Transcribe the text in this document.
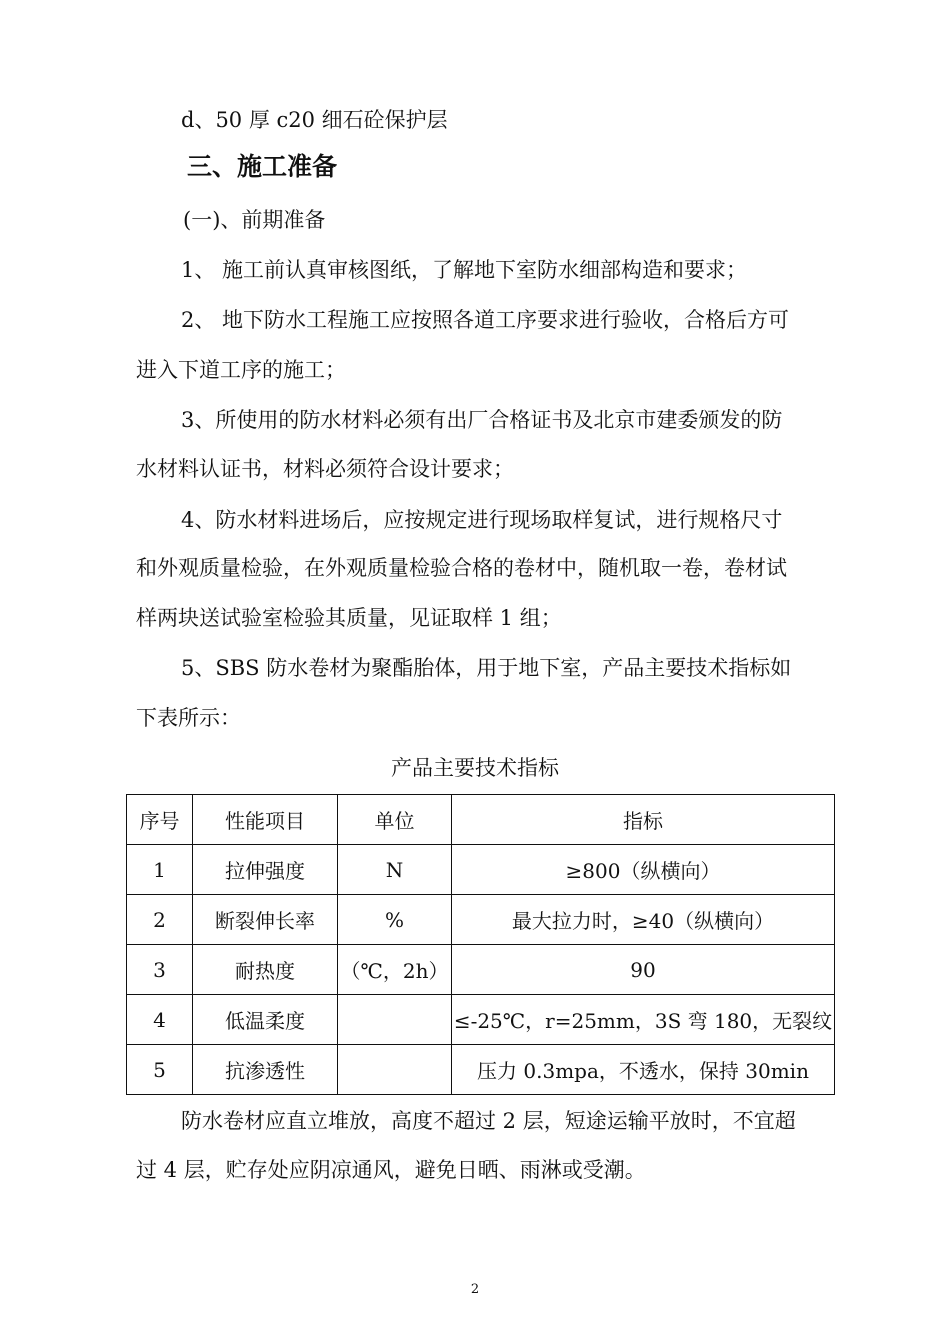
d、50 厚 c20 细石砼保护层
三、施工准备
(一)、前期准备
1、 施工前认真审核图纸，了解地下室防水细部构造和要求；
2、 地下防水工程施工应按照各道工序要求进行验收，合格后方可
进入下道工序的施工；
3、所使用的防水材料必须有出厂合格证书及北京市建委颁发的防
水材料认证书，材料必须符合设计要求；
4、防水材料进场后，应按规定进行现场取样复试，进行规格尺寸
和外观质量检验，在外观质量检验合格的卷材中，随机取一卷，卷材试
样两块送试验室检验其质量，见证取样 1 组；
5、SBS 防水卷材为聚酯胎体，用于地下室，产品主要技术指标如
下表所示：
产品主要技术指标
序号	性能项目	单位	指标
1	拉伸强度	N	≥800（纵横向）
2	断裂伸长率	%	最大拉力时，≥40（纵横向）
3	耐热度	（℃，2h）	90
4	低温柔度		≤-25℃，r=25mm，3S 弯 180，无裂纹
5	抗渗透性		压力 0.3mpa，不透水，保持 30min
防水卷材应直立堆放，高度不超过 2 层，短途运输平放时，不宜超
过 4 层，贮存处应阴凉通风，避免日晒、雨淋或受潮。
2
